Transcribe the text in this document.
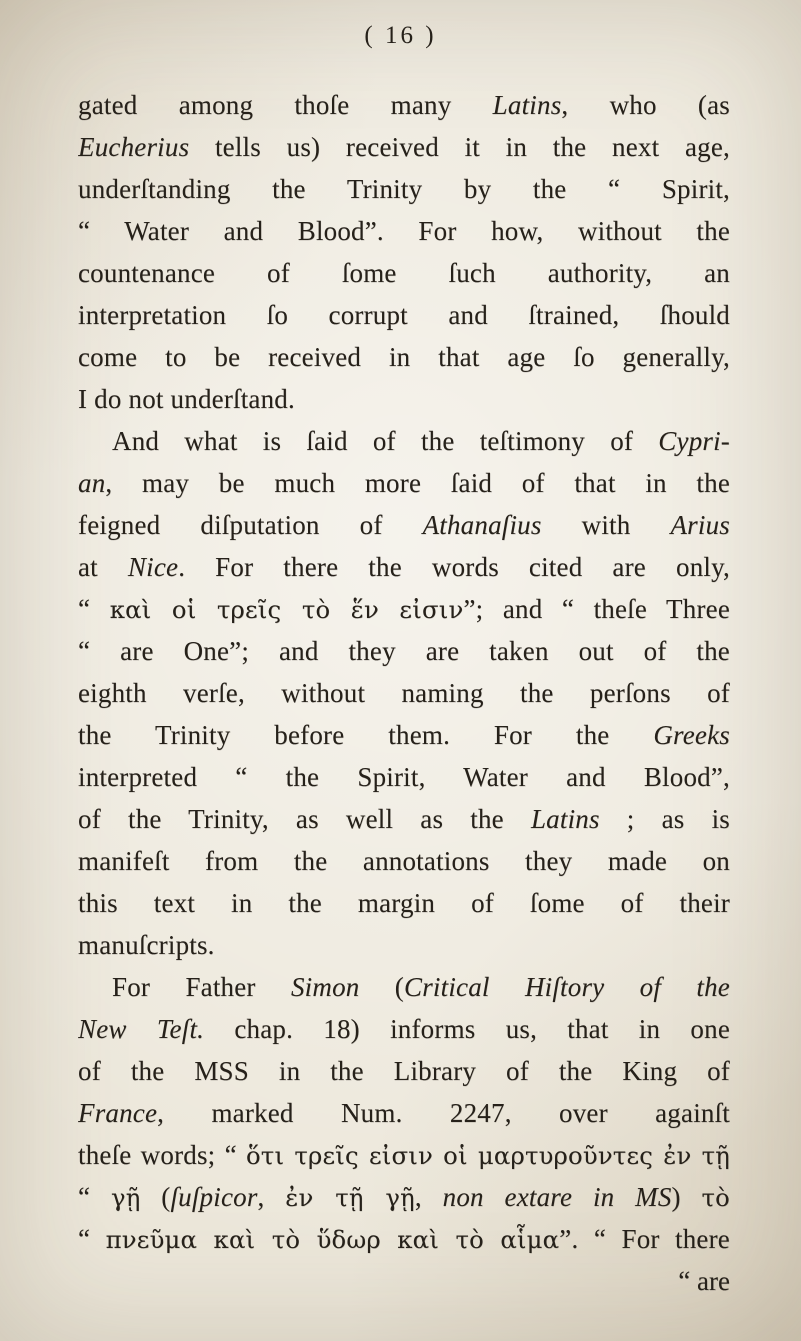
( 16 )
gated among thoſe many Latins, who (as
Eucherius tells us) received it in the next age,
underſtanding the Trinity by the “ Spirit,
“ Water and Blood”. For how, without the
countenance of ſome ſuch authority, an
interpretation ſo corrupt and ſtrained, ſhould
come to be received in that age ſo generally,
I do not underſtand.
And what is ſaid of the teſtimony of Cypri-
an, may be much more ſaid of that in the
feigned diſputation of Athanaſius with Arius
at Nice. For there the words cited are only,
“ καὶ οἱ τρεῖς τὸ ἕν εἰσιν”; and “ theſe Three
“ are One”; and they are taken out of the
eighth verſe, without naming the perſons of
the Trinity before them. For the Greeks
interpreted “ the Spirit, Water and Blood”,
of the Trinity, as well as the Latins ; as is
manifeſt from the annotations they made on
this text in the margin of ſome of their
manuſcripts.
For Father Simon (Critical Hiſtory of the
New Teſt. chap. 18) informs us, that in one
of the MSS in the Library of the King of
France, marked Num. 2247, over againſt
theſe words; “ ὅτι τρεῖς εἰσιν οἱ μαρτυροῦντες ἐν τῇ
“ γῇ (ſuſpicor, ἐν τῇ γῇ, non extare in MS) τὸ
“ πνεῦμα καὶ τὸ ὕδωρ καὶ τὸ αἷμα”. “ For there
“ are
